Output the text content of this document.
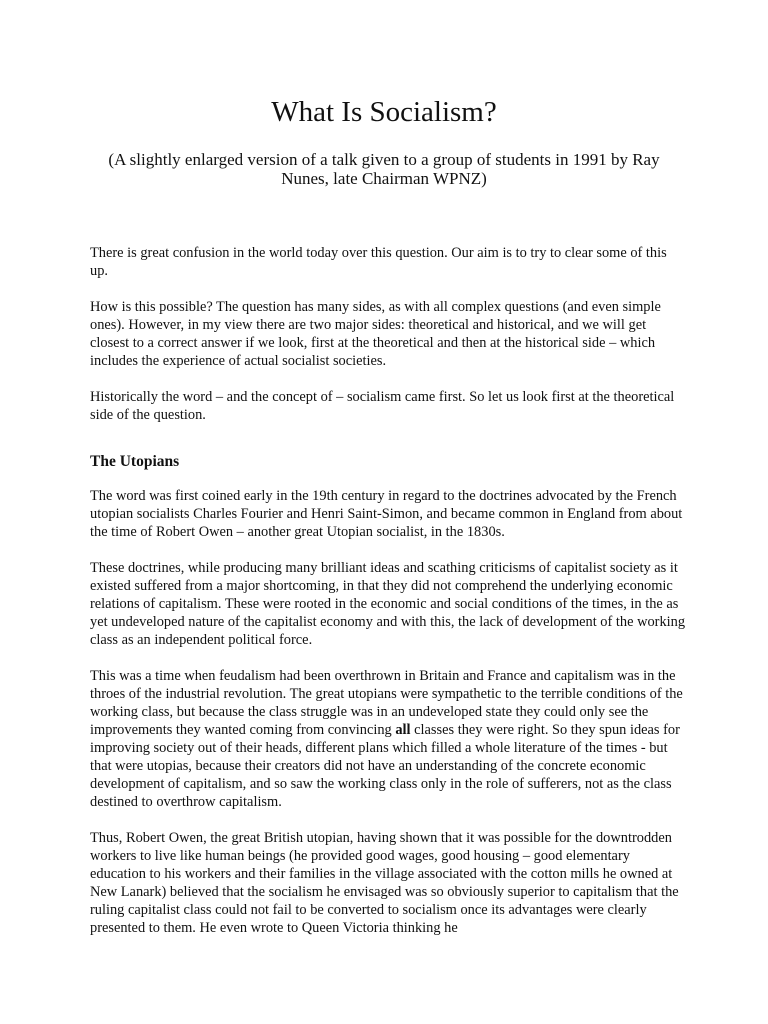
What Is Socialism?

(A slightly enlarged version of a talk given to a group of students in 1991 by Ray Nunes, late Chairman WPNZ)

There is great confusion in the world today over this question. Our aim is to try to clear some of this up.

How is this possible? The question has many sides, as with all complex questions (and even simple ones). However, in my view there are two major sides: theoretical and historical, and we will get closest to a correct answer if we look, first at the theoretical and then at the historical side – which includes the experience of actual socialist societies.

Historically the word – and the concept of – socialism came first. So let us look first at the theoretical side of the question.

The Utopians

The word was first coined early in the 19th century in regard to the doctrines advocated by the French utopian socialists Charles Fourier and Henri Saint-Simon, and became common in England from about the time of Robert Owen – another great Utopian socialist, in the 1830s.

These doctrines, while producing many brilliant ideas and scathing criticisms of capitalist society as it existed suffered from a major shortcoming, in that they did not comprehend the underlying economic relations of capitalism. These were rooted in the economic and social conditions of the times, in the as yet undeveloped nature of the capitalist economy and with this, the lack of development of the working class as an independent political force.

This was a time when feudalism had been overthrown in Britain and France and capitalism was in the throes of the industrial revolution. The great utopians were sympathetic to the terrible conditions of the working class, but because the class struggle was in an undeveloped state they could only see the improvements they wanted coming from convincing all classes they were right. So they spun ideas for improving society out of their heads, different plans which filled a whole literature of the times - but that were utopias, because their creators did not have an understanding of the concrete economic development of capitalism, and so saw the working class only in the role of sufferers, not as the class destined to overthrow capitalism.

Thus, Robert Owen, the great British utopian, having shown that it was possible for the downtrodden workers to live like human beings (he provided good wages, good housing – good elementary education to his workers and their families in the village associated with the cotton mills he owned at New Lanark) believed that the socialism he envisaged was so obviously superior to capitalism that the ruling capitalist class could not fail to be converted to socialism once its advantages were clearly presented to them. He even wrote to Queen Victoria thinking he
